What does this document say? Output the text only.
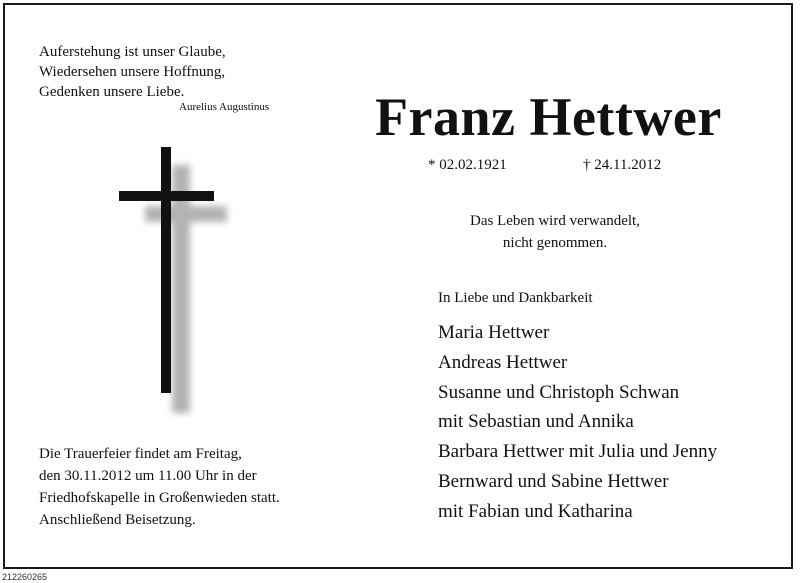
Auferstehung ist unser Glaube,
Wiedersehen unsere Hoffnung,
Gedenken unsere Liebe.
Aurelius Augustinus Franz Hettwer
* 02.02.1921	† 24.11.2012
Das Leben wird verwandelt,
nicht genommen.
In Liebe und Dankbarkeit
Maria Hettwer
Andreas Hettwer
Susanne und Christoph Schwan
mit Sebastian und Annika
Barbara Hettwer mit Julia und Jenny
Bernward und Sabine Hettwer
mit Fabian und Katharina
Die Trauerfeier findet am Freitag,
den 30.11.2012 um 11.00 Uhr in der
Friedhofskapelle in Großenwieden statt.
Anschließend Beisetzung.
212260265
